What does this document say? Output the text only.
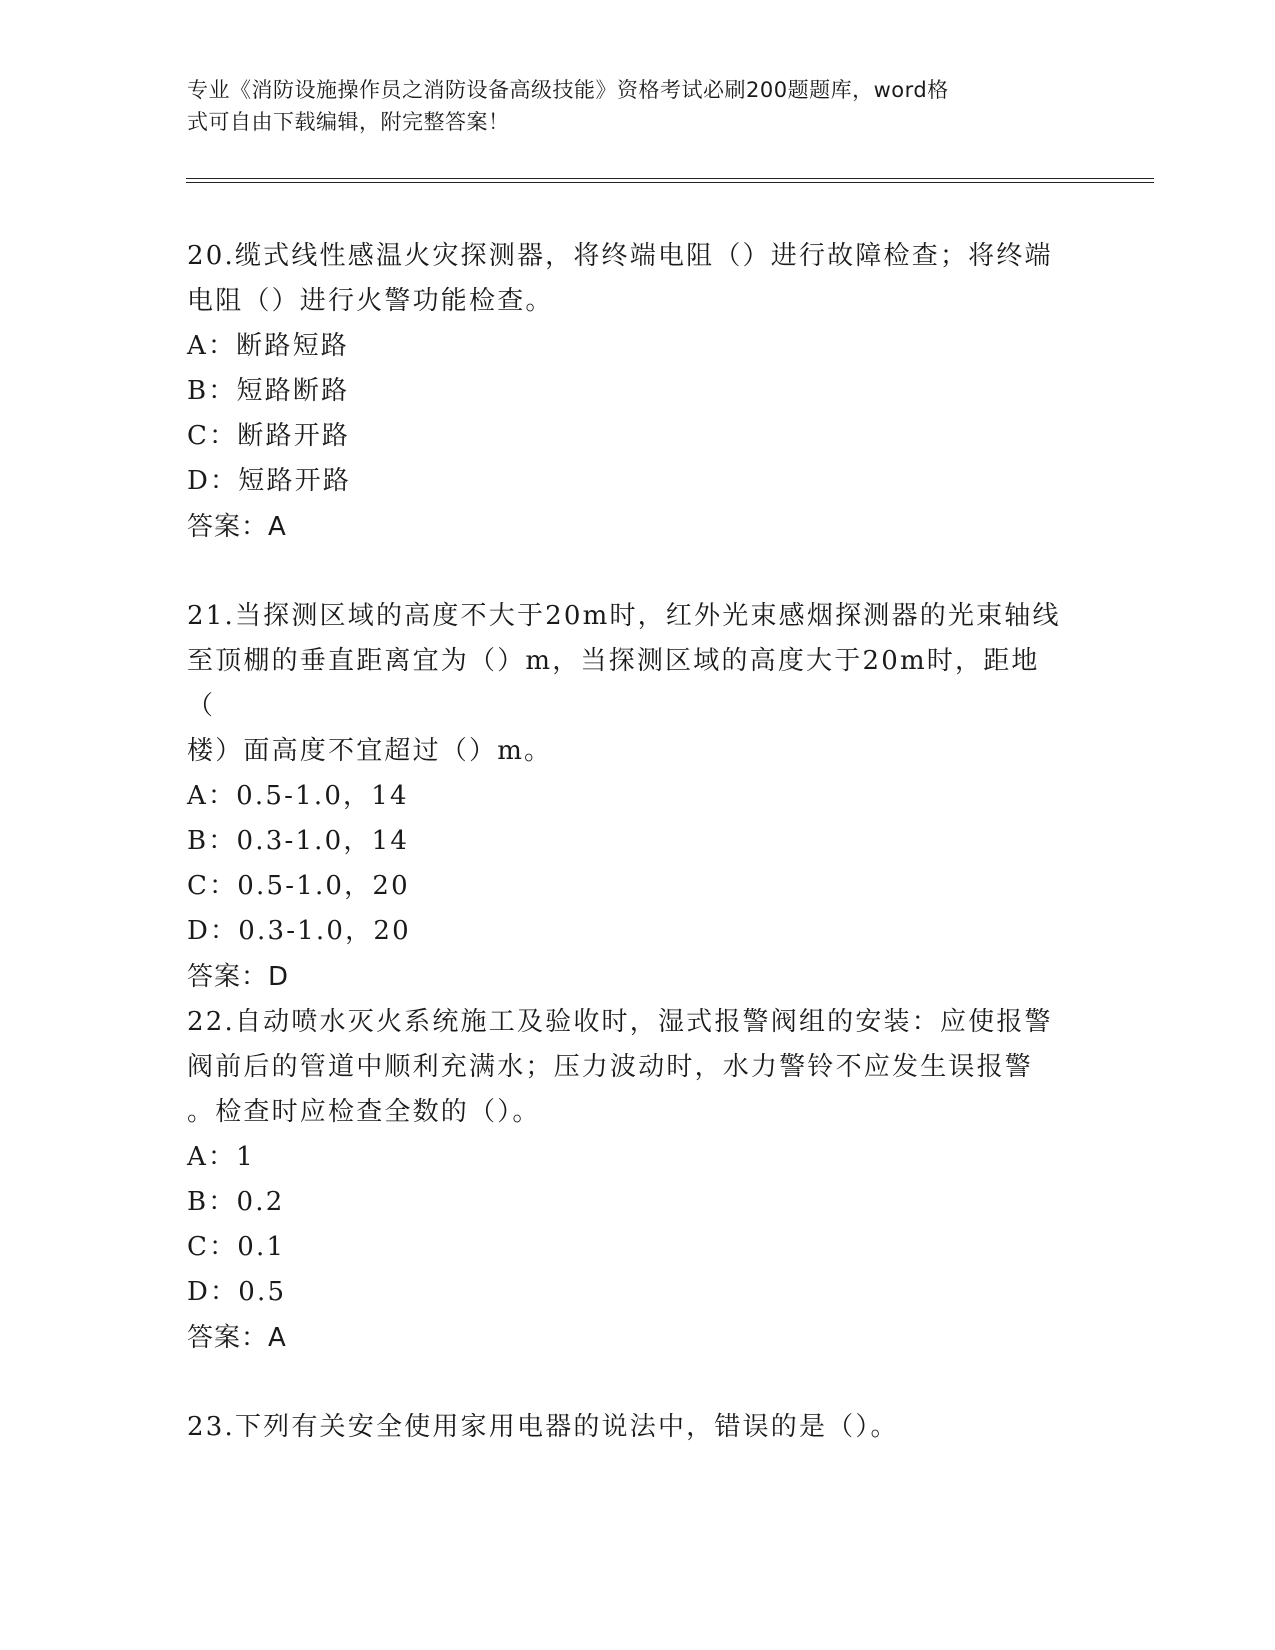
专业《消防设施操作员之消防设备高级技能》资格考试必刷200题题库，word格
式可自由下载编辑，附完整答案！

20.缆式线性感温火灾探测器，将终端电阻（）进行故障检查；将终端

电阻（）进行火警功能检查。

A：断路短路

B：短路断路

C：断路开路

D：短路开路

答案：A

21.当探测区域的高度不大于20m时，红外光束感烟探测器的光束轴线

至顶棚的垂直距离宜为（）m，当探测区域的高度大于20m时，距地（

楼）面高度不宜超过（）m。

A：0.5-1.0，14

B：0.3-1.0，14

C：0.5-1.0，20

D：0.3-1.0，20

答案：D

22.自动喷水灭火系统施工及验收时，湿式报警阀组的安装：应使报警

阀前后的管道中顺利充满水；压力波动时，水力警铃不应发生误报警

。检查时应检查全数的（）。

A：1

B：0.2

C：0.1

D：0.5

答案：A

23.下列有关安全使用家用电器的说法中，错误的是（）。
